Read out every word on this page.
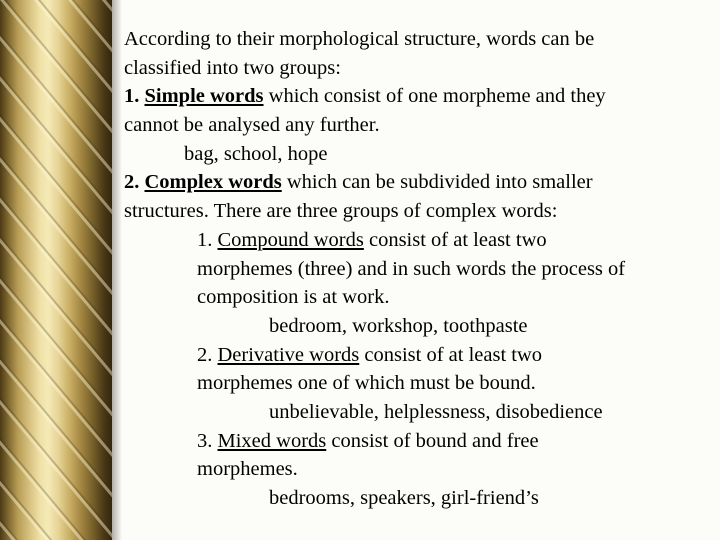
According to their morphological structure, words can be
classified into two groups:
1. Simple words which consist of one morpheme and they
cannot be analysed any further.
bag, school, hope
2. Complex words which can be subdivided into smaller
structures. There are three groups of complex words:
1. Compound words consist of at least two
morphemes (three) and in such words the process of
composition is at work.
bedroom, workshop, toothpaste
2. Derivative words consist of at least two
morphemes one of which must be bound.
unbelievable, helplessness, disobedience
3. Mixed words consist of bound and free
morphemes.
bedrooms, speakers, girl-friend’s
